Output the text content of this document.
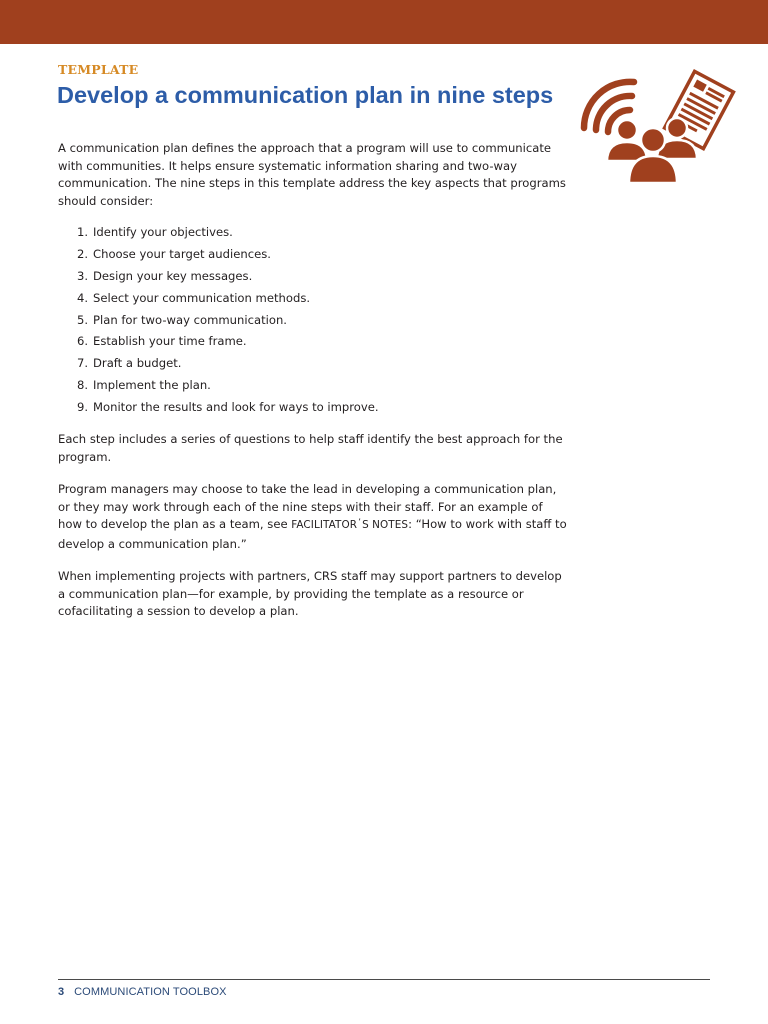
TEMPLATE
Develop a communication plan in nine steps

A communication plan defines the approach that a program will use to communicate with communities. It helps ensure systematic information sharing and two-way communication. The nine steps in this template address the key aspects that programs should consider:

1. Identify your objectives.
2. Choose your target audiences.
3. Design your key messages.
4. Select your communication methods.
5. Plan for two-way communication.
6. Establish your time frame.
7. Draft a budget.
8. Implement the plan.
9. Monitor the results and look for ways to improve.

Each step includes a series of questions to help staff identify the best approach for the program.

Program managers may choose to take the lead in developing a communication plan, or they may work through each of the nine steps with their staff. For an example of how to develop the plan as a team, see FACILITATOR’S NOTES: “How to work with staff to develop a communication plan.”

When implementing projects with partners, CRS staff may support partners to develop a communication plan—for example, by providing the template as a resource or cofacilitating a session to develop a plan.

3 COMMUNICATION TOOLBOX
